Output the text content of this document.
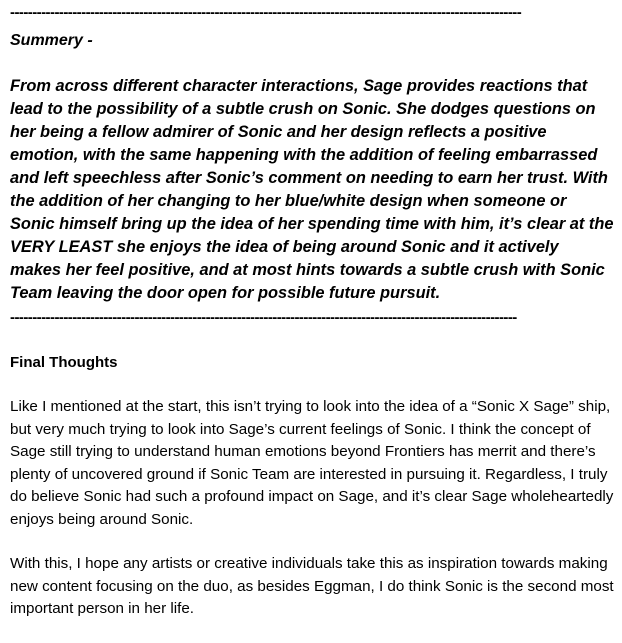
-------------------------------------------------------------------------------------------------------------------
Summery -
From across different character interactions, Sage provides reactions that lead to the possibility of a subtle crush on Sonic. She dodges questions on her being a fellow admirer of Sonic and her design reflects a positive emotion, with the same happening with the addition of feeling embarrassed and left speechless after Sonic’s comment on needing to earn her trust. With the addition of her changing to her blue/white design when someone or Sonic himself bring up the idea of her spending time with him, it’s clear at the VERY LEAST she enjoys the idea of being around Sonic and it actively makes her feel positive, and at most hints towards a subtle crush with Sonic Team leaving the door open for possible future pursuit.
------------------------------------------------------------------------------------------------------------------
Final Thoughts
Like I mentioned at the start, this isn’t trying to look into the idea of a “Sonic X Sage” ship, but very much trying to look into Sage’s current feelings of Sonic. I think the concept of Sage still trying to understand human emotions beyond Frontiers has merrit and there’s plenty of uncovered ground if Sonic Team are interested in pursuing it. Regardless, I truly do believe Sonic had such a profound impact on Sage, and it’s clear Sage wholeheartedly enjoys being around Sonic.
With this, I hope any artists or creative individuals take this as inspiration towards making new content focusing on the duo, as besides Eggman, I do think Sonic is the second most important person in her life.
